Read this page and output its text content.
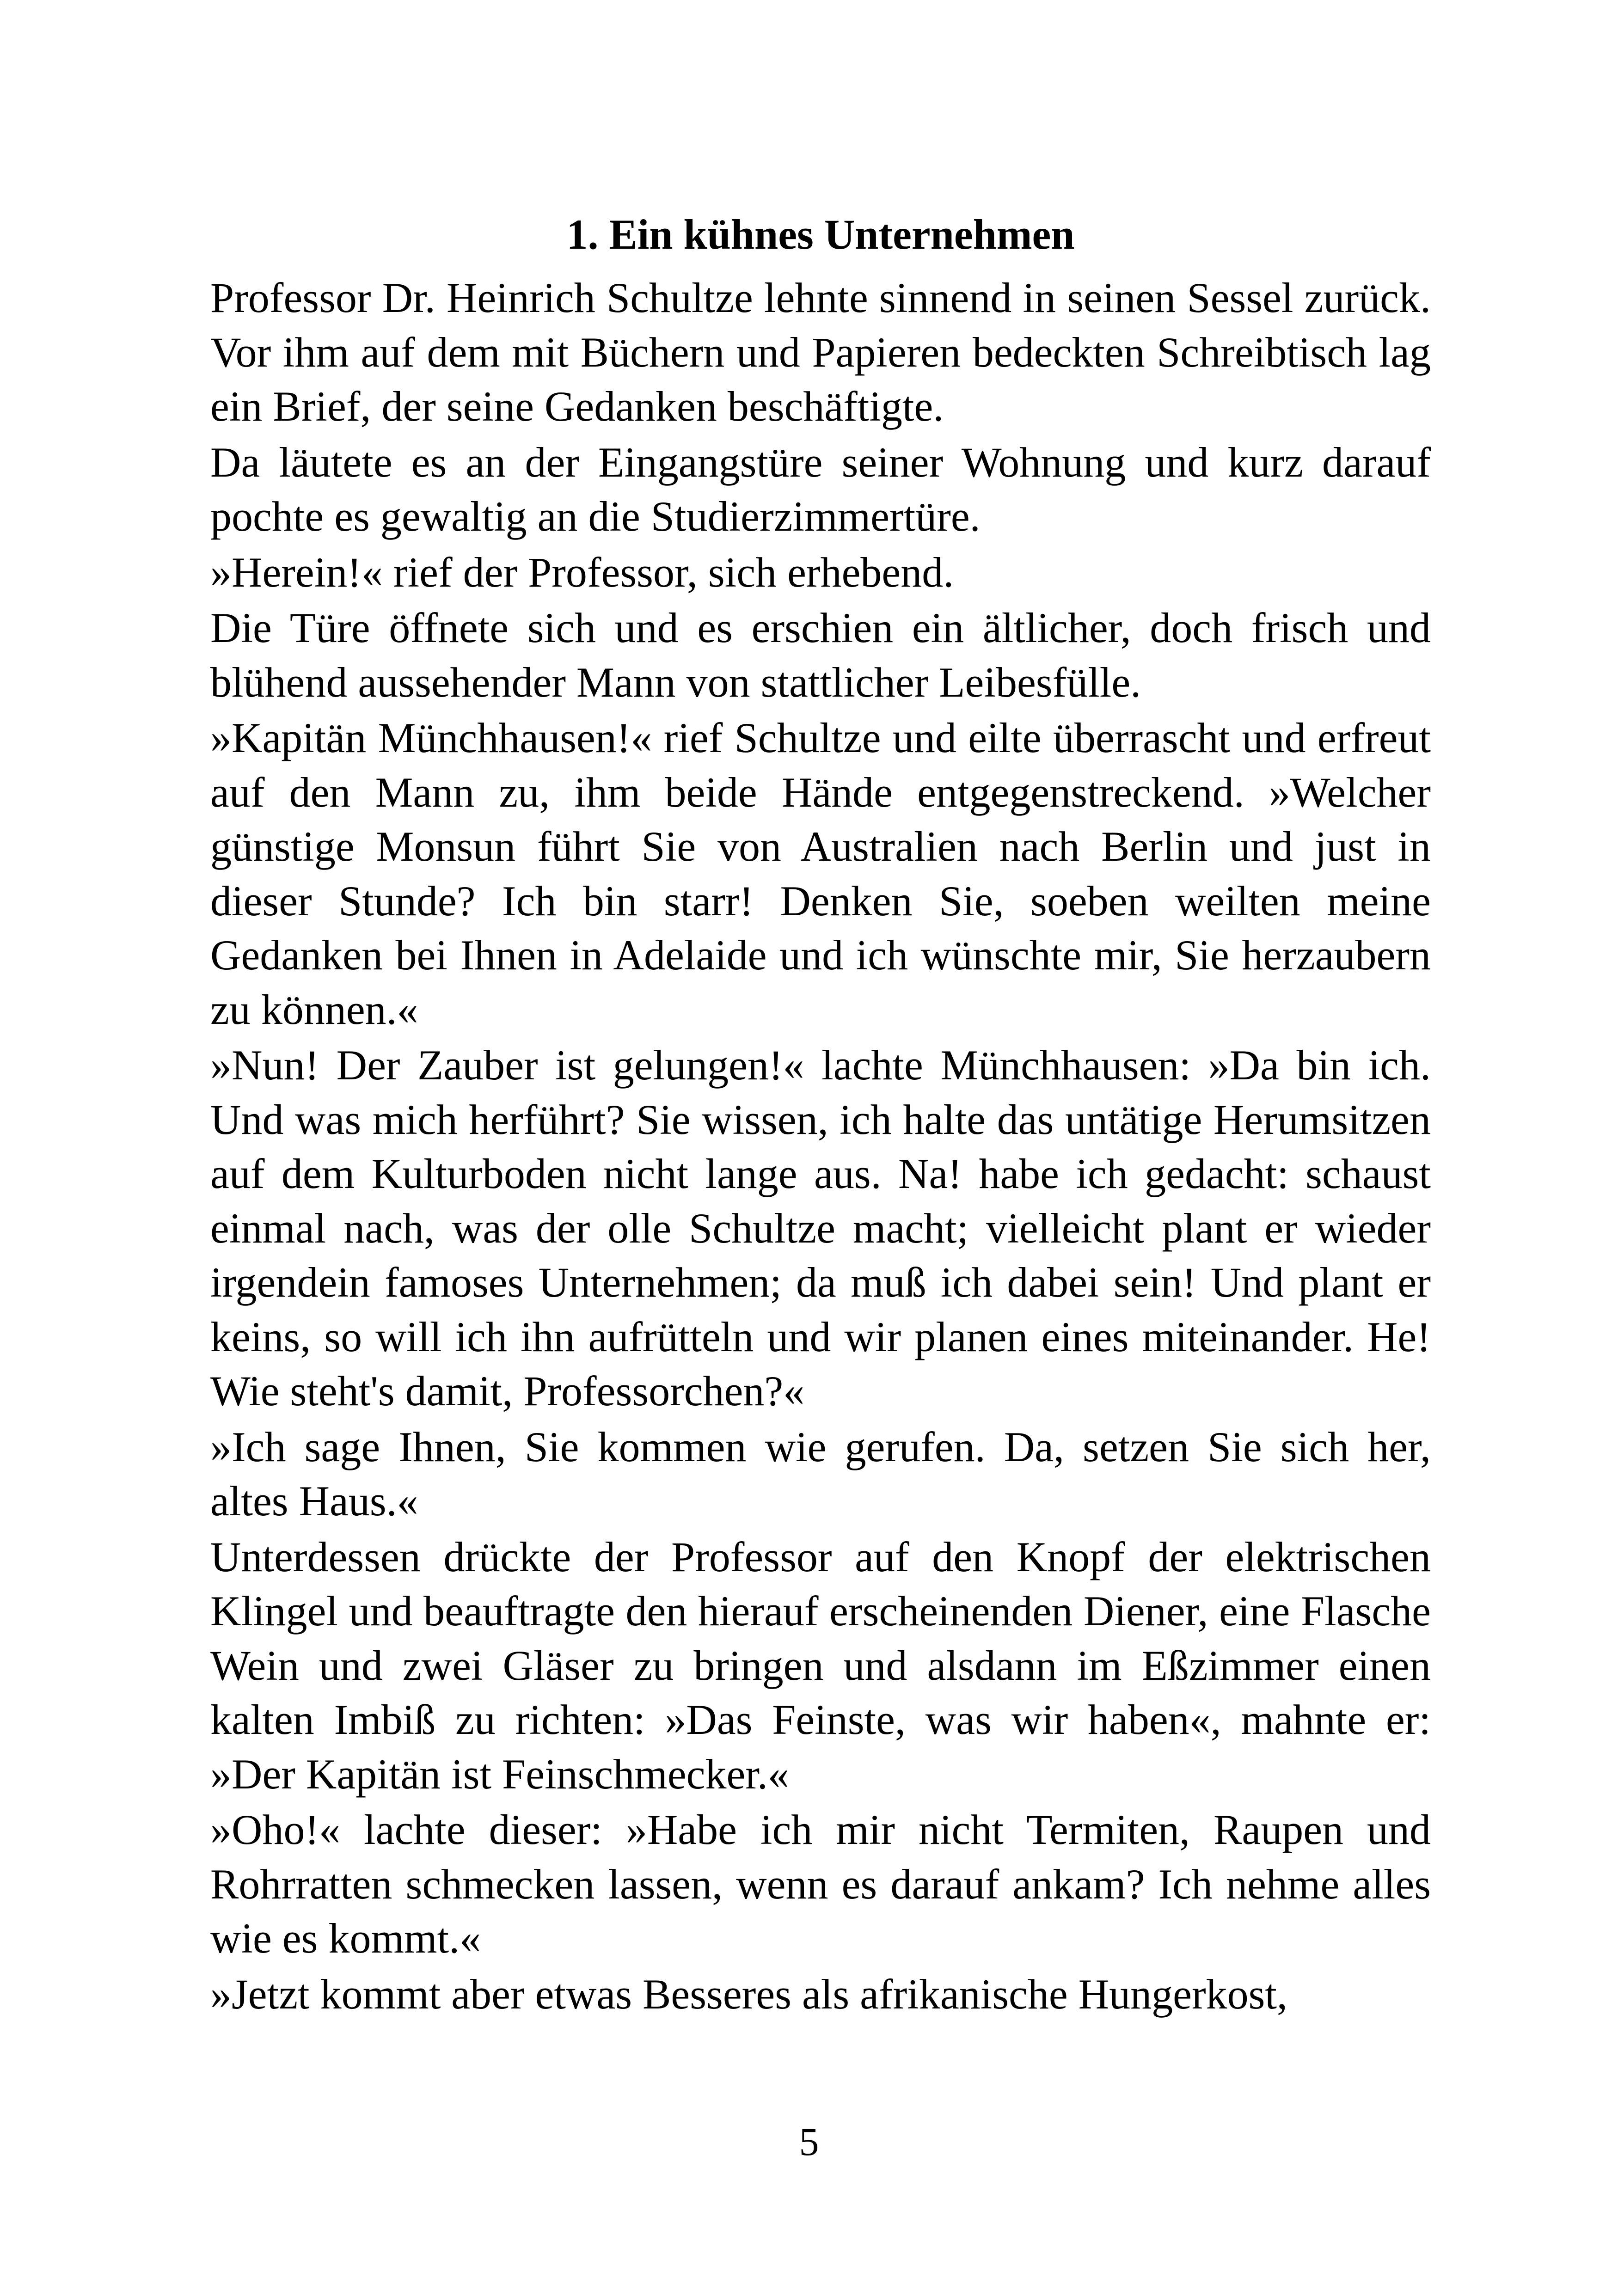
1. Ein kühnes Unternehmen

Professor Dr. Heinrich Schultze lehnte sinnend in seinen Sessel zurück. Vor ihm auf dem mit Büchern und Papieren bedeckten Schreibtisch lag ein Brief, der seine Gedanken beschäftigte.

Da läutete es an der Eingangstüre seiner Wohnung und kurz darauf pochte es gewaltig an die Studierzimmertüre.

»Herein!« rief der Professor, sich erhebend.

Die Türe öffnete sich und es erschien ein ältlicher, doch frisch und blühend aussehender Mann von stattlicher Leibesfülle.

»Kapitän Münchhausen!« rief Schultze und eilte überrascht und erfreut auf den Mann zu, ihm beide Hände entgegenstreckend. »Welcher günstige Monsun führt Sie von Australien nach Berlin und just in dieser Stunde? Ich bin starr! Denken Sie, soeben weilten meine Gedanken bei Ihnen in Adelaide und ich wünschte mir, Sie herzaubern zu können.«

»Nun! Der Zauber ist gelungen!« lachte Münchhausen: »Da bin ich. Und was mich herführt? Sie wissen, ich halte das untätige Herumsitzen auf dem Kulturboden nicht lange aus. Na! habe ich gedacht: schaust einmal nach, was der olle Schultze macht; vielleicht plant er wieder irgendein famoses Unternehmen; da muß ich dabei sein! Und plant er keins, so will ich ihn aufrütteln und wir planen eines miteinander. He! Wie steht's damit, Professorchen?«

»Ich sage Ihnen, Sie kommen wie gerufen. Da, setzen Sie sich her, altes Haus.«

Unterdessen drückte der Professor auf den Knopf der elektrischen Klingel und beauftragte den hierauf erscheinenden Diener, eine Flasche Wein und zwei Gläser zu bringen und alsdann im Eßzimmer einen kalten Imbiß zu richten: »Das Feinste, was wir haben«, mahnte er: »Der Kapitän ist Feinschmecker.«

»Oho!« lachte dieser: »Habe ich mir nicht Termiten, Raupen und Rohrratten schmecken lassen, wenn es darauf ankam? Ich nehme alles wie es kommt.«

»Jetzt kommt aber etwas Besseres als afrikanische Hungerkost,

5
